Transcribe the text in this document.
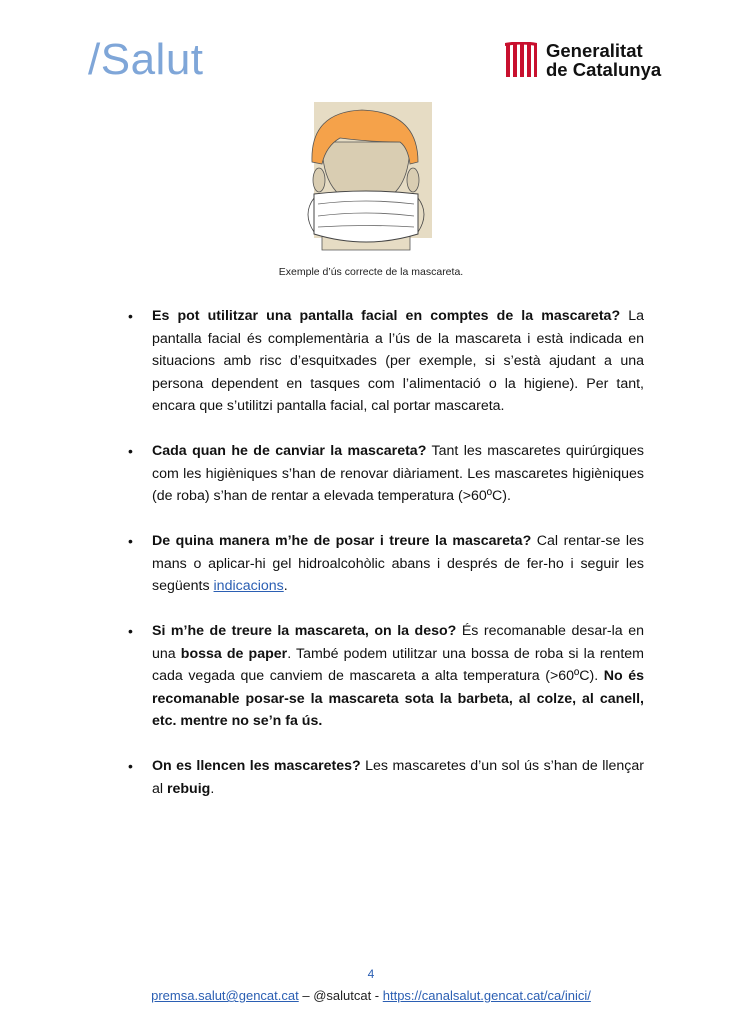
/Salut	Generalitat
de Catalunya
Exemple d’ús correcte de la mascareta.
• Es pot utilitzar una pantalla facial en comptes de la mascareta? La pantalla facial és complementària a l’ús de la mascareta i està indicada en situacions amb risc d’esquitxades (per exemple, si s’està ajudant a una persona dependent en tasques com l’alimentació o la higiene). Per tant, encara que s’utilitzi pantalla facial, cal portar mascareta.
• Cada quan he de canviar la mascareta? Tant les mascaretes quirúrgiques com les higièniques s’han de renovar diàriament. Les mascaretes higièniques (de roba) s’han de rentar a elevada temperatura (>60ºC).
• De quina manera m’he de posar i treure la mascareta? Cal rentar-se les mans o aplicar-hi gel hidroalcohòlic abans i després de fer-ho i seguir les següents indicacions.
• Si m’he de treure la mascareta, on la deso? És recomanable desar-la en una bossa de paper. També podem utilitzar una bossa de roba si la rentem cada vegada que canviem de mascareta a alta temperatura (>60ºC). No és recomanable posar-se la mascareta sota la barbeta, al colze, al canell, etc. mentre no se’n fa ús.
• On es llencen les mascaretes? Les mascaretes d’un sol ús s’han de llençar al rebuig.
4
premsa.salut@gencat.cat – @salutcat - https://canalsalut.gencat.cat/ca/inici/
